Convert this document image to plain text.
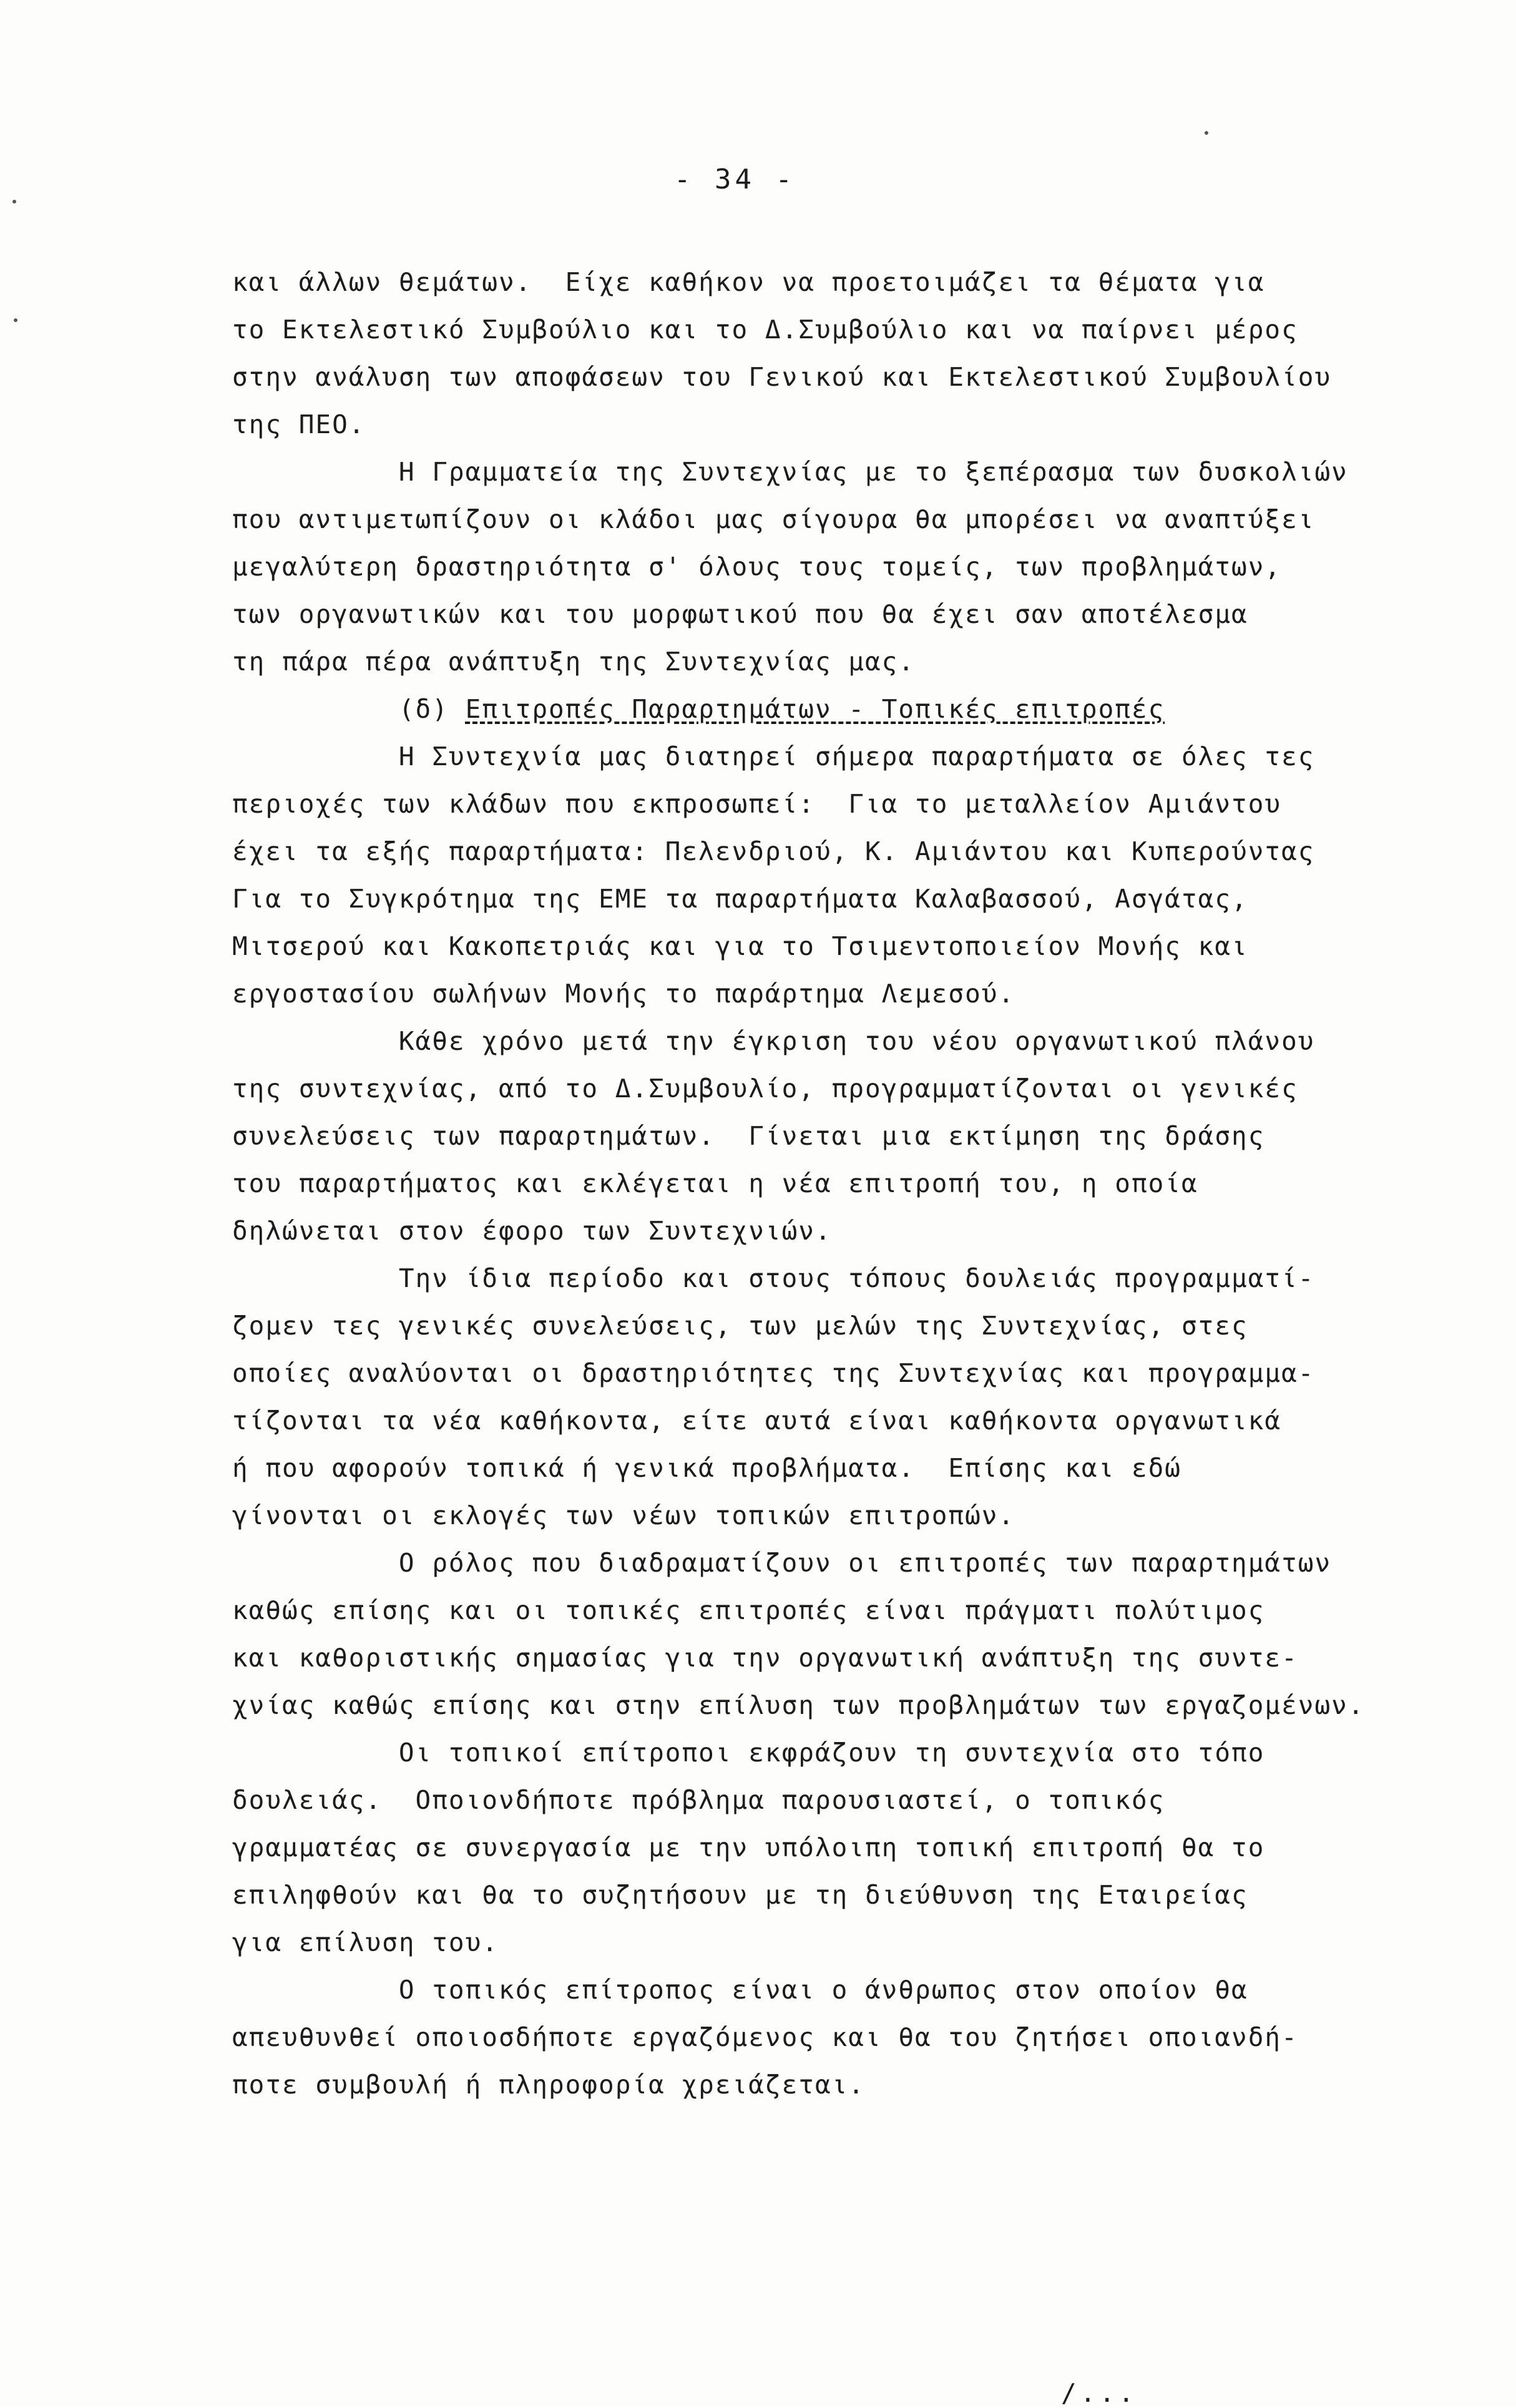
- 34 -
και άλλων θεμάτων.  Είχε καθήκον να προετοιμάζει τα θέματα για
το Εκτελεστικό Συμβούλιο και το Δ.Συμβούλιο και να παίρνει μέρος
στην ανάλυση των αποφάσεων του Γενικού και Εκτελεστικού Συμβουλίου
της ΠΕΟ.
Η Γραμματεία της Συντεχνίας με το ξεπέρασμα των δυσκολιών
που αντιμετωπίζουν οι κλάδοι μας σίγουρα θα μπορέσει να αναπτύξει
μεγαλύτερη δραστηριότητα σ' όλους τους τομείς, των προβλημάτων,
των οργανωτικών και του μορφωτικού που θα έχει σαν αποτέλεσμα
τη πάρα πέρα ανάπτυξη της Συντεχνίας μας.
(δ) Επιτροπές Παραρτημάτων - Τοπικές επιτροπές
Η Συντεχνία μας διατηρεί σήμερα παραρτήματα σε όλες τες
περιοχές των κλάδων που εκπροσωπεί:  Για το μεταλλείον Αμιάντου
έχει τα εξής παραρτήματα: Πελενδριού, Κ. Αμιάντου και Κυπερούντας
Για το Συγκρότημα της ΕΜΕ τα παραρτήματα Καλαβασσού, Ασγάτας,
Μιτσερού και Κακοπετριάς και για το Τσιμεντοποιείον Μονής και
εργοστασίου σωλήνων Μονής το παράρτημα Λεμεσού.
Κάθε χρόνο μετά την έγκριση του νέου οργανωτικού πλάνου
της συντεχνίας, από το Δ.Συμβουλίο, προγραμματίζονται οι γενικές
συνελεύσεις των παραρτημάτων.  Γίνεται μια εκτίμηση της δράσης
του παραρτήματος και εκλέγεται η νέα επιτροπή του, η οποία
δηλώνεται στον έφορο των Συντεχνιών.
Την ίδια περίοδο και στους τόπους δουλειάς προγραμματί-
ζομεν τες γενικές συνελεύσεις, των μελών της Συντεχνίας, στες
οποίες αναλύονται οι δραστηριότητες της Συντεχνίας και προγραμμα-
τίζονται τα νέα καθήκοντα, είτε αυτά είναι καθήκοντα οργανωτικά
ή που αφορούν τοπικά ή γενικά προβλήματα.  Επίσης και εδώ
γίνονται οι εκλογές των νέων τοπικών επιτροπών.
Ο ρόλος που διαδραματίζουν οι επιτροπές των παραρτημάτων
καθώς επίσης και οι τοπικές επιτροπές είναι πράγματι πολύτιμος
και καθοριστικής σημασίας για την οργανωτική ανάπτυξη της συντε-
χνίας καθώς επίσης και στην επίλυση των προβλημάτων των εργαζομένων.
Οι τοπικοί επίτροποι εκφράζουν τη συντεχνία στο τόπο
δουλειάς.  Οποιονδήποτε πρόβλημα παρουσιαστεί, ο τοπικός
γραμματέας σε συνεργασία με την υπόλοιπη τοπική επιτροπή θα το
επιληφθούν και θα το συζητήσουν με τη διεύθυνση της Εταιρείας
για επίλυση του.
Ο τοπικός επίτροπος είναι ο άνθρωπος στον οποίον θα
απευθυνθεί οποιοσδήποτε εργαζόμενος και θα του ζητήσει οποιανδή-
ποτε συμβουλή ή πληροφορία χρειάζεται.
/...
